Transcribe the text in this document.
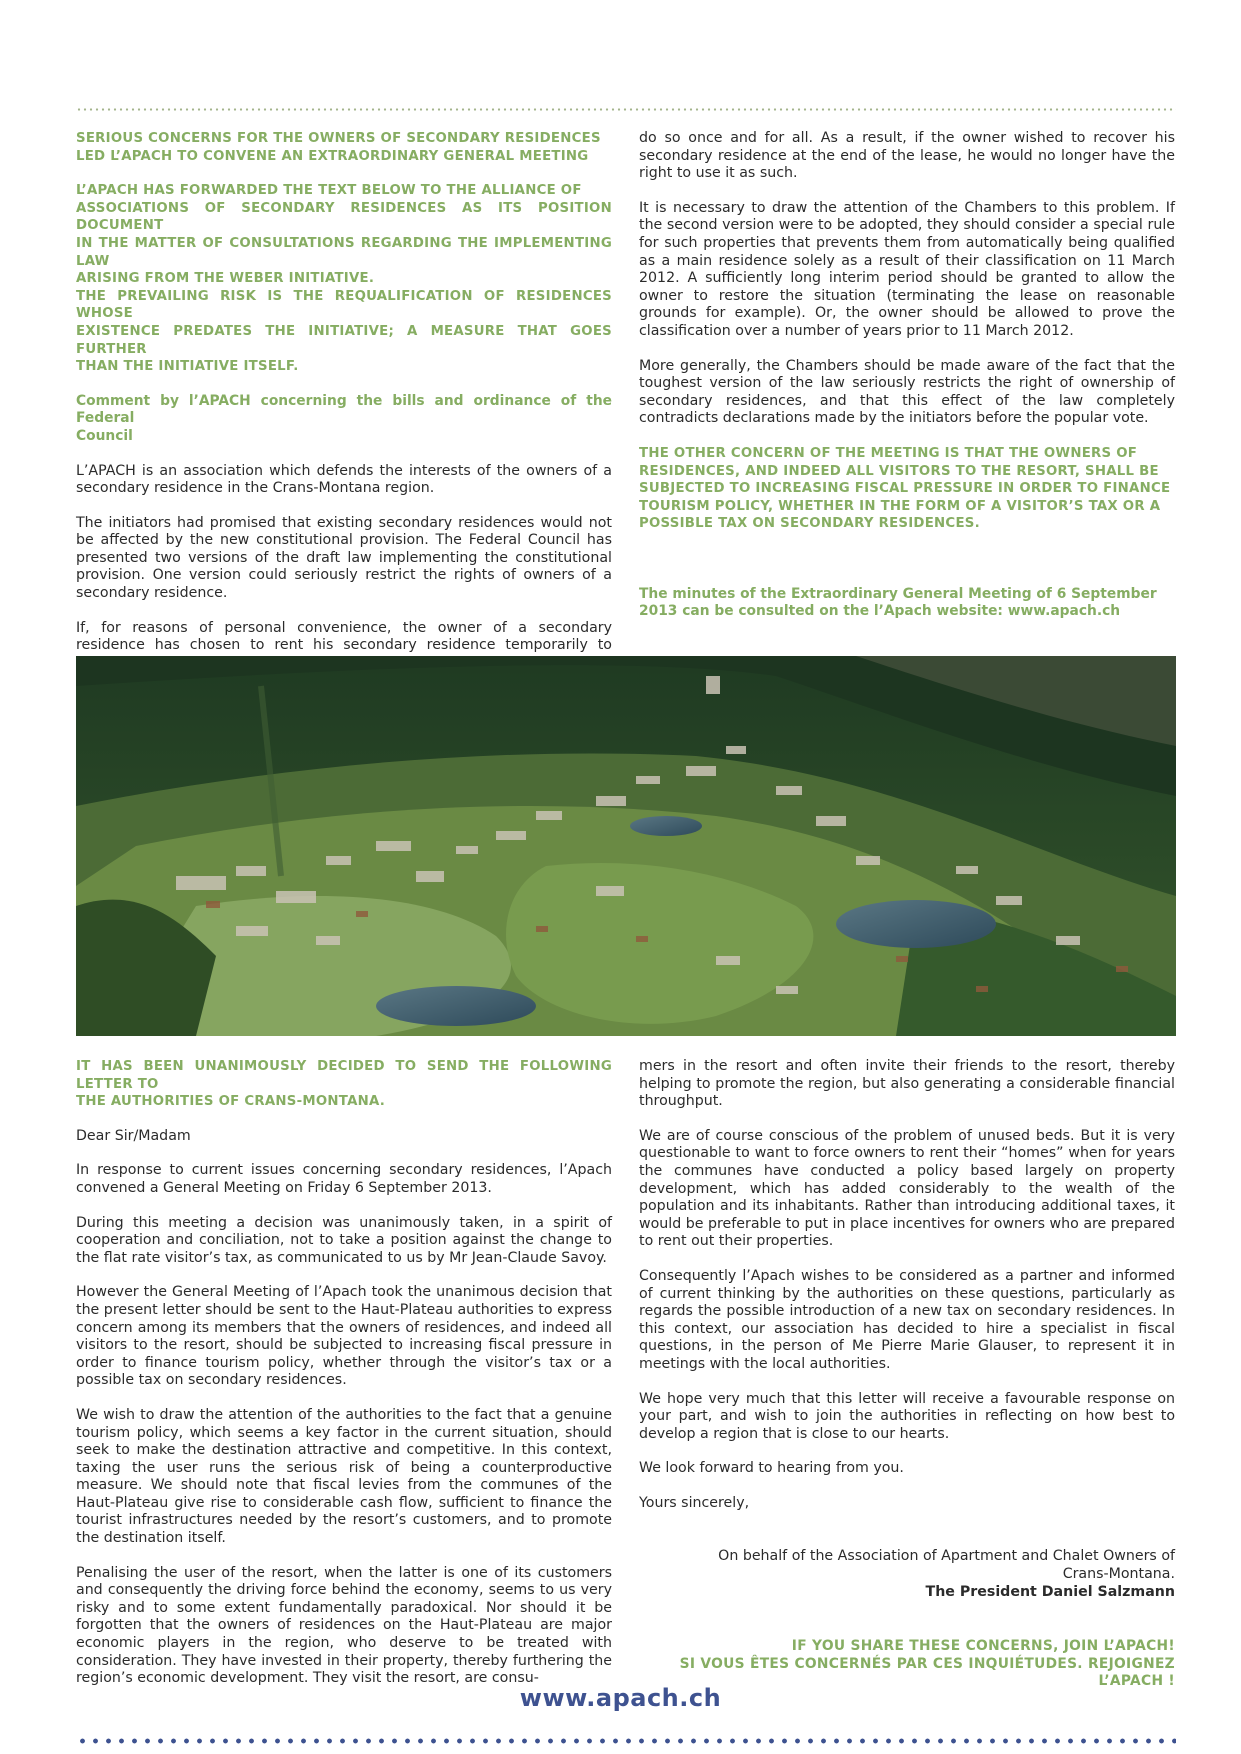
SERIOUS CONCERNS FOR THE OWNERS OF SECONDARY RESIDENCES
LED L’APACH TO CONVENE AN EXTRAORDINARY GENERAL MEETING
L’APACH HAS FORWARDED THE TEXT BELOW TO THE ALLIANCE OF
ASSOCIATIONS OF SECONDARY RESIDENCES AS ITS POSITION DOCUMENT
IN THE MATTER OF CONSULTATIONS REGARDING THE IMPLEMENTING LAW
ARISING FROM THE WEBER INITIATIVE.
THE PREVAILING RISK IS THE REQUALIFICATION OF RESIDENCES WHOSE
EXISTENCE PREDATES THE INITIATIVE; A MEASURE THAT GOES FURTHER
THAN THE INITIATIVE ITSELF.
Comment by l’APACH concerning the bills and ordinance of the Federal
Council

L’APACH is an association which defends the interests of the owners of a secondary residence in the Crans-Montana region.

The initiators had promised that existing secondary residences would not be affected by the new constitutional provision. The Federal Council has presented two versions of the draft law implementing the constitutional provision. One version could seriously restrict the rights of owners of a secondary residence.

If, for reasons of personal convenience, the owner of a secondary residence has chosen to rent his secondary residence temporarily to

do so once and for all. As a result, if the owner wished to recover his secondary residence at the end of the lease, he would no longer have the right to use it as such.

It is necessary to draw the attention of the Chambers to this problem. If the second version were to be adopted, they should consider a special rule for such properties that prevents them from automatically being qualified as a main residence solely as a result of their classification on 11 March 2012. A sufficiently long interim period should be granted to allow the owner to restore the situation (terminating the lease on reasonable grounds for example). Or, the owner should be allowed to prove the classification over a number of years prior to 11 March 2012.

More generally, the Chambers should be made aware of the fact that the toughest version of the law seriously restricts the right of ownership of secondary residences, and that this effect of the law completely contradicts declarations made by the initiators before the popular vote.

THE OTHER CONCERN OF THE MEETING IS THAT THE OWNERS OF
RESIDENCES, AND INDEED ALL VISITORS TO THE RESORT, SHALL BE
SUBJECTED TO INCREASING FISCAL PRESSURE IN ORDER TO FINANCE
TOURISM POLICY, WHETHER IN THE FORM OF A VISITOR’S TAX OR A
POSSIBLE TAX ON SECONDARY RESIDENCES.
The minutes of the Extraordinary General Meeting of 6 September
2013 can be consulted on the l’Apach website: www.apach.ch
IT HAS BEEN UNANIMOUSLY DECIDED TO SEND THE FOLLOWING LETTER TO
THE AUTHORITIES OF CRANS-MONTANA.

Dear Sir/Madam

In response to current issues concerning secondary residences, l’Apach convened a General Meeting on Friday 6 September 2013.

During this meeting a decision was unanimously taken, in a spirit of cooperation and conciliation, not to take a position against the change to the flat rate visitor’s tax, as communicated to us by Mr Jean-Claude Savoy.

However the General Meeting of l’Apach took the unanimous decision that the present letter should be sent to the Haut-Plateau authorities to express concern among its members that the owners of residences, and indeed all visitors to the resort, should be subjected to increasing fiscal pressure in order to finance tourism policy, whether through the visitor’s tax or a possible tax on secondary residences.

We wish to draw the attention of the authorities to the fact that a genuine tourism policy, which seems a key factor in the current situation, should seek to make the destination attractive and competitive. In this context, taxing the user runs the serious risk of being a counterproductive measure. We should note that fiscal levies from the communes of the Haut-Plateau give rise to considerable cash flow, sufficient to finance the tourist infrastructures needed by the resort’s customers, and to promote the destination itself.

Penalising the user of the resort, when the latter is one of its customers and consequently the driving force behind the economy, seems to us very risky and to some extent fundamentally paradoxical. Nor should it be forgotten that the owners of residences on the Haut-Plateau are major economic players in the region, who deserve to be treated with consideration. They have invested in their property, thereby furthering the region’s economic development. They visit the resort, are consu-

mers in the resort and often invite their friends to the resort, thereby helping to promote the region, but also generating a considerable financial throughput.

We are of course conscious of the problem of unused beds. But it is very questionable to want to force owners to rent their “homes” when for years the communes have conducted a policy based largely on property development, which has added considerably to the wealth of the population and its inhabitants. Rather than introducing additional taxes, it would be preferable to put in place incentives for owners who are prepared to rent out their properties.

Consequently l’Apach wishes to be considered as a partner and informed of current thinking by the authorities on these questions, particularly as regards the possible introduction of a new tax on secondary residences. In this context, our association has decided to hire a specialist in fiscal questions, in the person of Me Pierre Marie Glauser, to represent it in meetings with the local authorities.

We hope very much that this letter will receive a favourable response on your part, and wish to join the authorities in reflecting on how best to develop a region that is close to our hearts.

We look forward to hearing from you.

Yours sincerely,

On behalf of the Association of Apartment and Chalet Owners of
Crans-Montana.
The President Daniel Salzmann
IF YOU SHARE THESE CONCERNS, JOIN L’APACH!
SI VOUS ÊTES CONCERNÉS PAR CES INQUIÉTUDES. REJOIGNEZ L’APACH !
www.apach.ch
